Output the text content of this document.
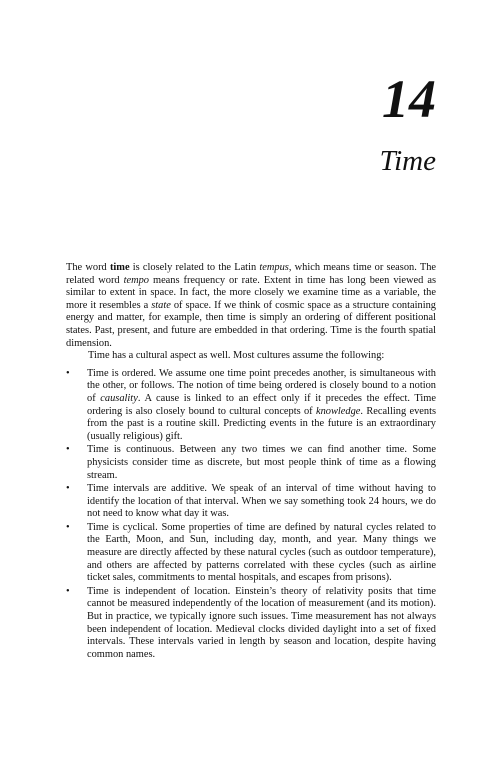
14
Time

The word time is closely related to the Latin tempus, which means time or season. The related word tempo means frequency or rate. Extent in time has long been viewed as similar to extent in space. In fact, the more closely we examine time as a variable, the more it resembles a state of space. If we think of cosmic space as a structure containing energy and matter, for example, then time is simply an ordering of different positional states. Past, present, and future are embedded in that ordering. Time is the fourth spatial dimension.

Time has a cultural aspect as well. Most cultures assume the following:

• Time is ordered. We assume one time point precedes another, is simultaneous with the other, or follows. The notion of time being ordered is closely bound to a notion of causality. A cause is linked to an effect only if it precedes the effect. Time ordering is also closely bound to cultural concepts of knowledge. Recalling events from the past is a routine skill. Predicting events in the future is an extraordinary (usually religious) gift.
• Time is continuous. Between any two times we can find another time. Some physicists consider time as discrete, but most people think of time as a flowing stream.
• Time intervals are additive. We speak of an interval of time without having to identify the location of that interval. When we say something took 24 hours, we do not need to know what day it was.
• Time is cyclical. Some properties of time are defined by natural cycles related to the Earth, Moon, and Sun, including day, month, and year. Many things we measure are directly affected by these natural cycles (such as outdoor temperature), and others are affected by patterns correlated with these cycles (such as airline ticket sales, commitments to mental hospitals, and escapes from prisons).
• Time is independent of location. Einstein’s theory of relativity posits that time cannot be measured independently of the location of measurement (and its motion). But in practice, we typically ignore such issues. Time measurement has not always been independent of location. Medieval clocks divided daylight into a set of fixed intervals. These intervals varied in length by season and location, despite having common names.
